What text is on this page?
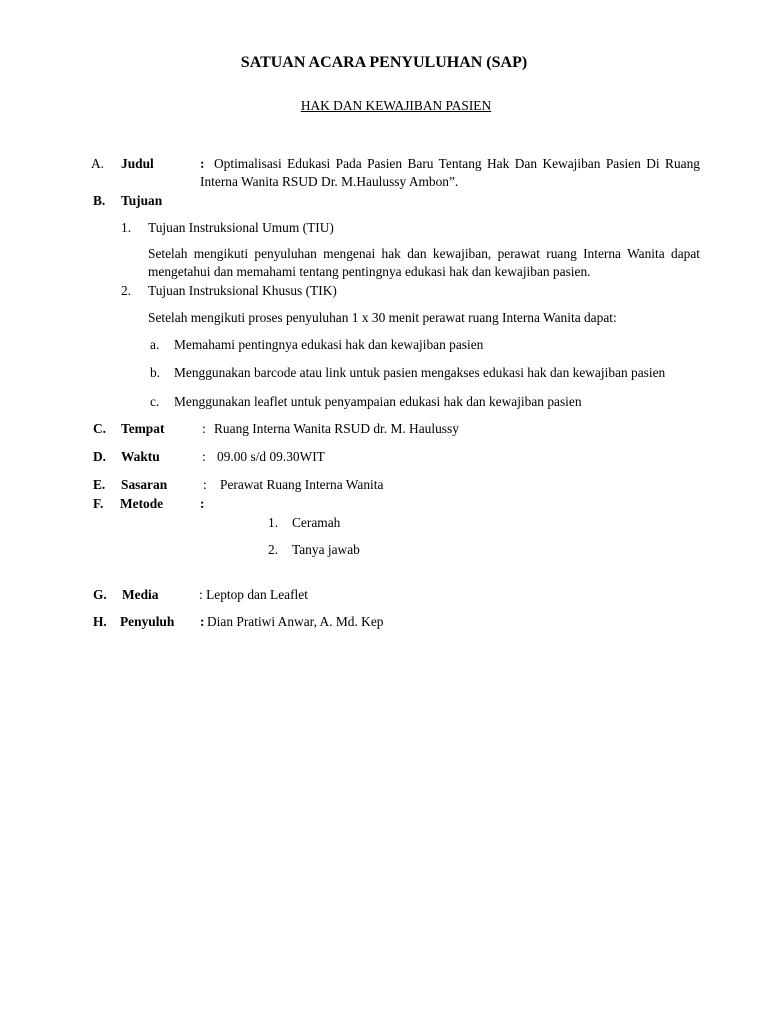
SATUAN ACARA PENYULUHAN (SAP)
HAK DAN KEWAJIBAN PASIEN
A. Judul	: Optimalisasi Edukasi Pada Pasien Baru Tentang Hak Dan Kewajiban Pasien Di Ruang Interna Wanita RSUD Dr. M.Haulussy Ambon”.
B. Tujuan
1. Tujuan Instruksional Umum (TIU)
Setelah mengikuti penyuluhan mengenai hak dan kewajiban, perawat ruang Interna Wanita dapat mengetahui dan memahami tentang pentingnya edukasi hak dan kewajiban pasien.
2. Tujuan Instruksional Khusus (TIK)
Setelah mengikuti proses penyuluhan 1 x 30 menit perawat ruang Interna Wanita dapat:
a. Memahami pentingnya edukasi hak dan kewajiban pasien
b. Menggunakan barcode atau link untuk pasien mengakses edukasi hak dan kewajiban pasien
c. Menggunakan leaflet untuk penyampaian edukasi hak dan kewajiban pasien
C. Tempat	: Ruang Interna Wanita RSUD dr. M. Haulussy
D. Waktu	: 09.00 s/d 09.30WIT
E. Sasaran	: Perawat Ruang Interna Wanita
F. Metode	:
1. Ceramah
2. Tanya jawab
G. Media	: Leptop dan Leaflet
H. Penyuluh : Dian Pratiwi Anwar, A. Md. Kep
